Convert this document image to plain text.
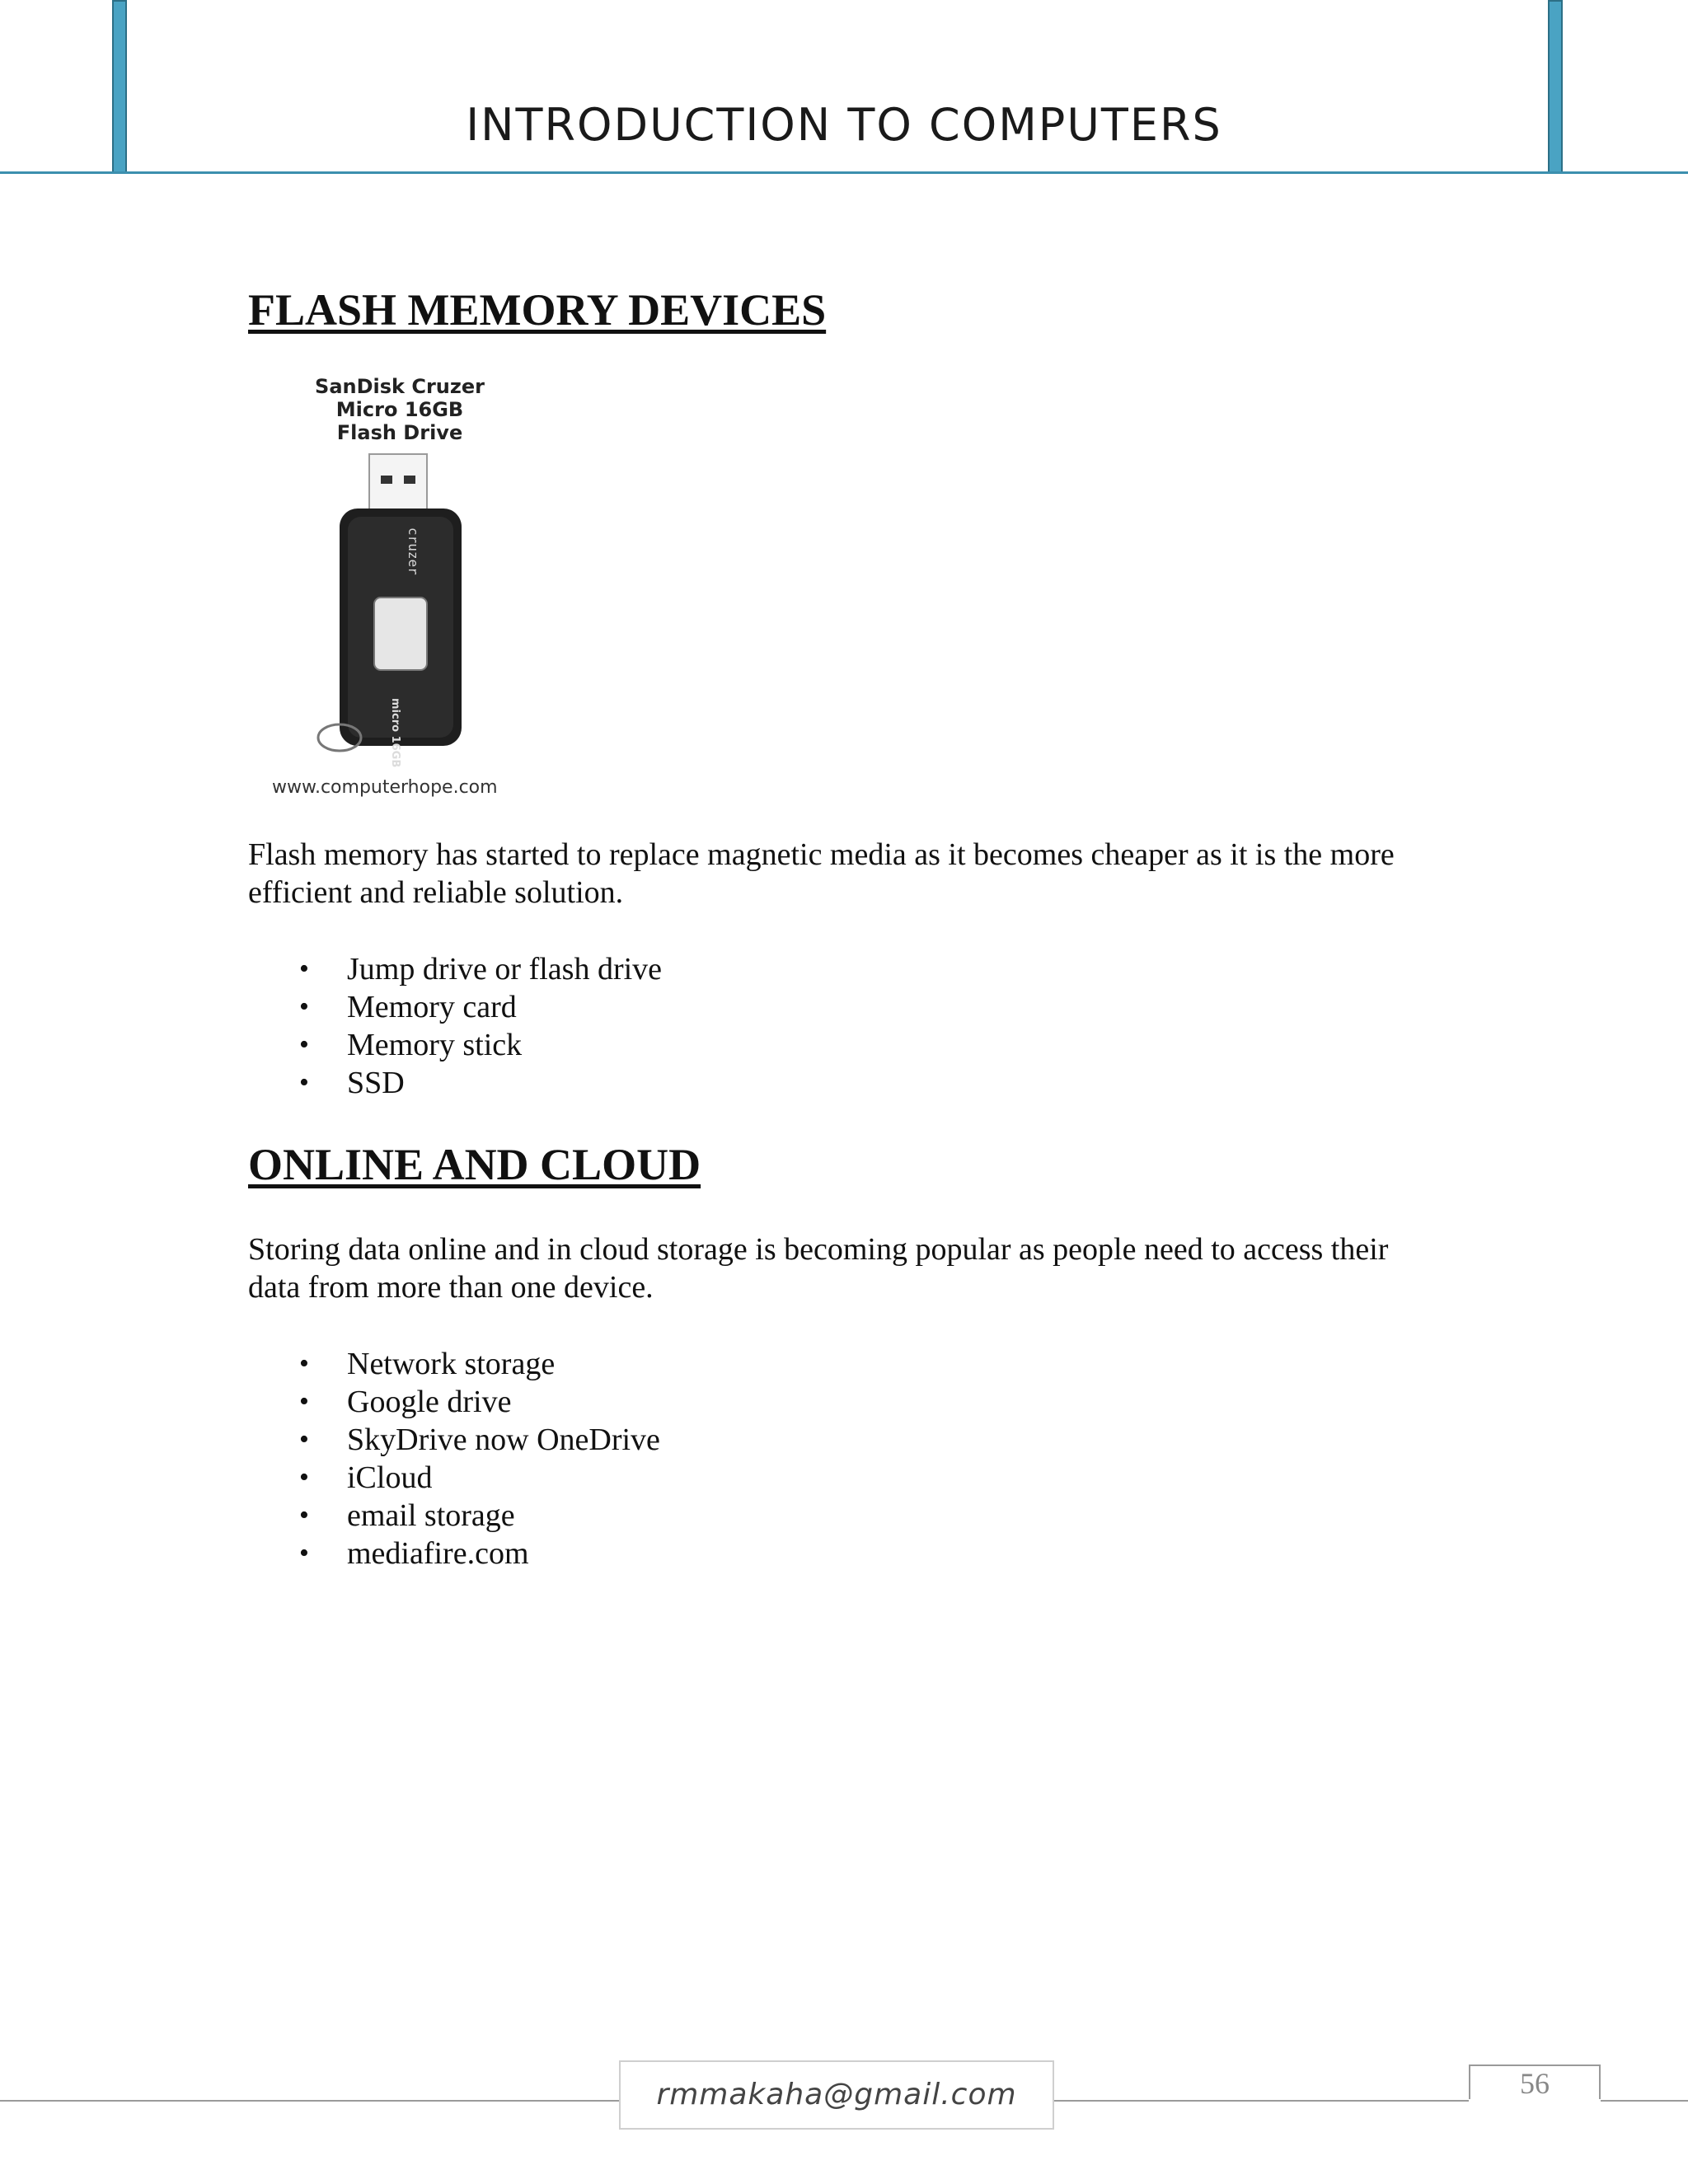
INTRODUCTION TO COMPUTERS
FLASH MEMORY DEVICES

Flash memory has started to replace magnetic media as it becomes cheaper as it is the more efficient and reliable solution.

• Jump drive or flash drive
• Memory card
• Memory stick
• SSD
ONLINE AND CLOUD

Storing data online and in cloud storage is becoming popular as people need to access their data from more than one device.

• Network storage
• Google drive
• SkyDrive now OneDrive
• iCloud
• email storage
• mediafire.com
SanDisk Cruzer
Micro 16GB
Flash Drive
cruzer
micro 16GB
www.computerhope.com
rmmakaha@gmail.com	56
